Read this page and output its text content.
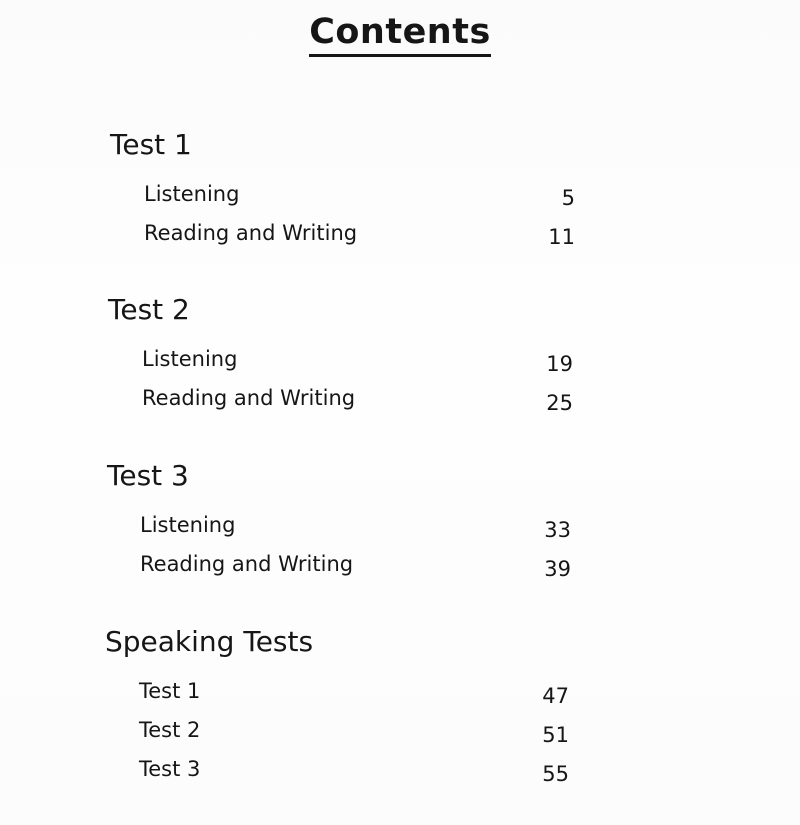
Contents
Test 1
Listening	5
Reading and Writing	11
Test 2
Listening	19
Reading and Writing	25
Test 3
Listening	33
Reading and Writing	39
Speaking Tests
Test 1	47
Test 2	51
Test 3	55
